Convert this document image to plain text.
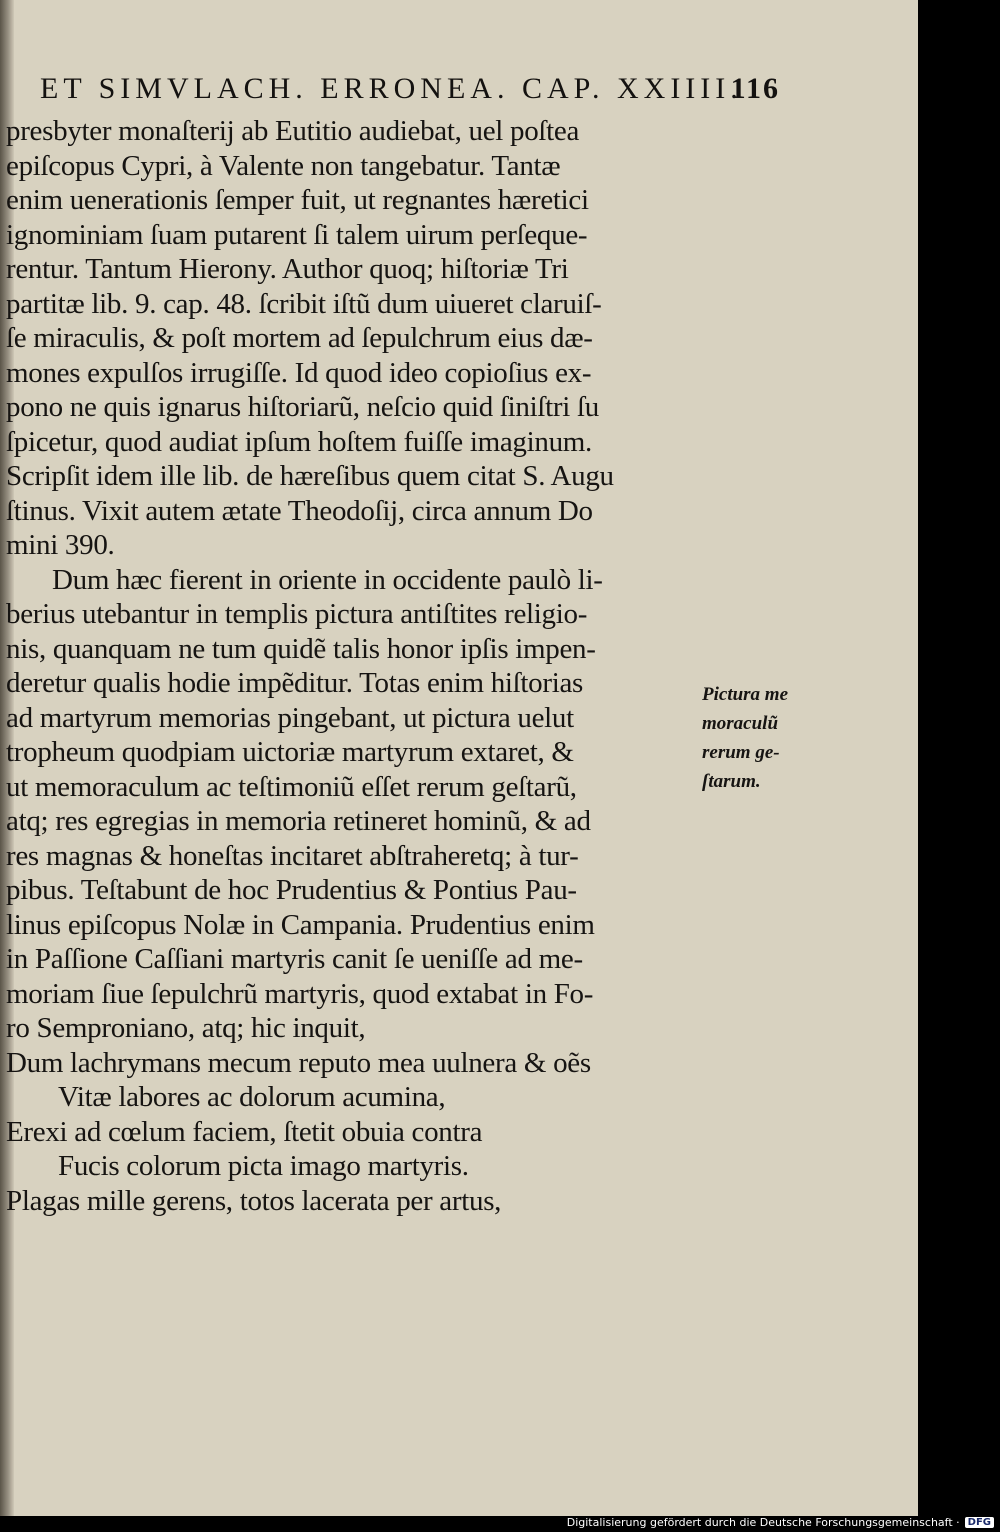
ET SIMVLACH. ERRONEA. CAP. XXIIII.
116
presbyter monaſterij ab Eutitio audiebat, uel poſtea
epiſcopus Cypri, à Valente non tangebatur. Tantæ
enim uenerationis ſemper fuit, ut regnantes hæretici
ignominiam ſuam putarent ſi talem uirum perſeque-
rentur. Tantum Hierony. Author quoq; hiſtoriæ Tri
partitæ lib. 9. cap. 48. ſcribit iſtũ dum uiueret claruiſ-
ſe miraculis, & poſt mortem ad ſepulchrum eius dæ-
mones expulſos irrugiſſe. Id quod ideo copioſius ex-
pono ne quis ignarus hiſtoriarũ, neſcio quid ſiniſtri ſu
ſpicetur, quod audiat ipſum hoſtem fuiſſe imaginum.
Scripſit idem ille lib. de hæreſibus quem citat S. Augu
ſtinus. Vixit autem ætate Theodoſij, circa annum Do
mini 390.
Dum hæc fierent in oriente in occidente paulò li-
berius utebantur in templis pictura antiſtites religio-
nis, quanquam ne tum quidẽ talis honor ipſis impen-
deretur qualis hodie impẽditur. Totas enim hiſtorias
ad martyrum memorias pingebant, ut pictura uelut
tropheum quodpiam uictoriæ martyrum extaret, &
ut memoraculum ac teſtimoniũ eſſet rerum geſtarũ,
atq; res egregias in memoria retineret hominũ, & ad
res magnas & honeſtas incitaret abſtraheretq; à tur-
pibus. Teſtabunt de hoc Prudentius & Pontius Pau-
linus epiſcopus Nolæ in Campania. Prudentius enim
in Paſſione Caſſiani martyris canit ſe ueniſſe ad me-
moriam ſiue ſepulchrũ martyris, quod extabat in Fo-
ro Semproniano, atq; hic inquit,
Dum lachrymans mecum reputo mea uulnera & oẽs
Vitæ labores ac dolorum acumina,
Erexi ad cœlum faciem, ſtetit obuia contra
Fucis colorum picta imago martyris.
Plagas mille gerens, totos lacerata per artus,
Pictura me
moraculũ
rerum ge-
ſtarum.
Digitalisierung gefördert durch die Deutsche Forschungsgemeinschaft · DFG
